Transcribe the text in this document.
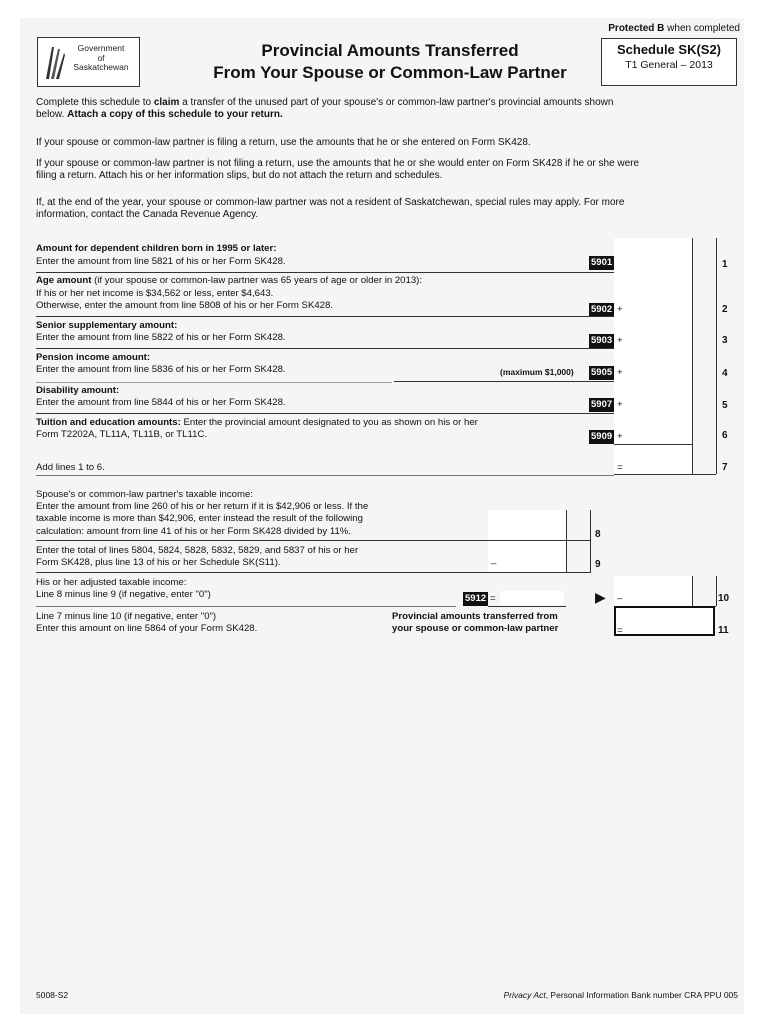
Protected B when completed
Government
of
Saskatchewan
Provincial Amounts Transferred
From Your Spouse or Common-Law Partner
Schedule SK(S2)
T1 General – 2013
Complete this schedule to claim a transfer of the unused part of your spouse's or common-law partner's provincial amounts shown
below. Attach a copy of this schedule to your return.
If your spouse or common-law partner is filing a return, use the amounts that he or she entered on Form SK428.
If your spouse or common-law partner is not filing a return, use the amounts that he or she would enter on Form SK428 if he or she were
filing a return. Attach his or her information slips, but do not attach the return and schedules.
If, at the end of the year, your spouse or common-law partner was not a resident of Saskatchewan, special rules may apply. For more
information, contact the Canada Revenue Agency.
Amount for dependent children born in 1995 or later:
Enter the amount from line 5821 of his or her Form SK428.	5901	1
Age amount (if your spouse or common-law partner was 65 years of age or older in 2013):
If his or her net income is $34,562 or less, enter $4,643.
Otherwise, enter the amount from line 5808 of his or her Form SK428.	5902 +	2
Senior supplementary amount:
Enter the amount from line 5822 of his or her Form SK428.	5903 +	3
Pension income amount:
Enter the amount from line 5836 of his or her Form SK428.	(maximum $1,000) 5905 +	4
Disability amount:
Enter the amount from line 5844 of his or her Form SK428.	5907 +	5
Tuition and education amounts: Enter the provincial amount designated to you as shown on his or her
Form T2202A, TL11A, TL11B, or TL11C.	5909 +	6
Add lines 1 to 6.	=	7
Spouse's or common-law partner's taxable income:
Enter the amount from line 260 of his or her return if it is $42,906 or less. If the
taxable income is more than $42,906, enter instead the result of the following
calculation: amount from line 41 of his or her Form SK428 divided by 11%.	8
Enter the total of lines 5804, 5824, 5828, 5832, 5829, and 5837 of his or her
Form SK428, plus line 13 of his or her Schedule SK(S11).	–	9
His or her adjusted taxable income:
Line 8 minus line 9 (if negative, enter "0")	5912 =	▶ –	10
Line 7 minus line 10 (if negative, enter "0")
Enter this amount on line 5864 of your Form SK428.
Provincial amounts transferred from
your spouse or common-law partner	=	11
5008-S2	Privacy Act, Personal Information Bank number CRA PPU 005
